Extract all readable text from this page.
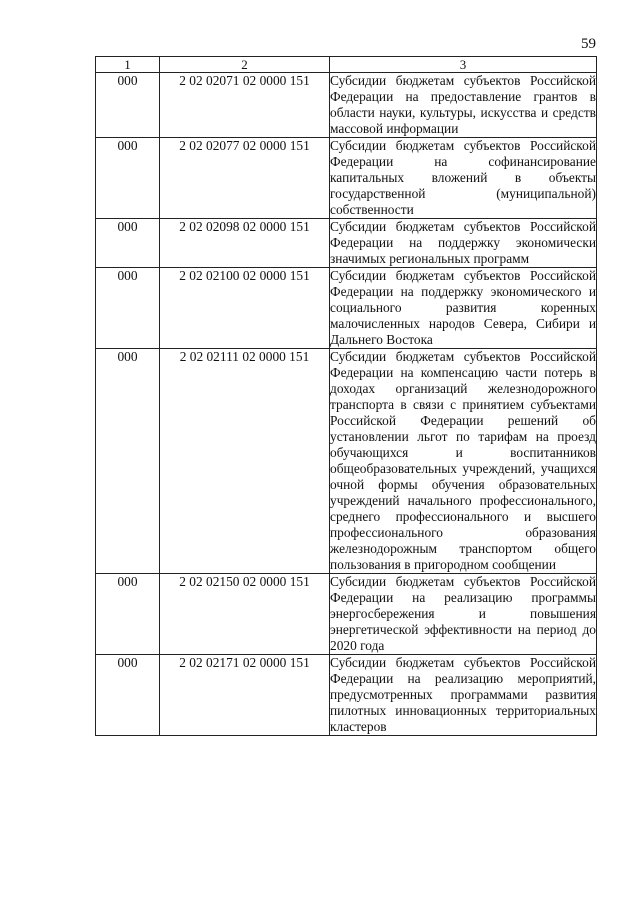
59
1	2	3
000	2 02 02071 02 0000 151	Субсидии бюджетам субъектов Российской Федерации на предоставление грантов в области науки, культуры, искусства и средств массовой информации
000	2 02 02077 02 0000 151	Субсидии бюджетам субъектов Российской Федерации на софинансирование капитальных вложений в объекты государственной (муниципальной) собственности
000	2 02 02098 02 0000 151	Субсидии бюджетам субъектов Российской Федерации на поддержку экономически значимых региональных программ
000	2 02 02100 02 0000 151	Субсидии бюджетам субъектов Российской Федерации на поддержку экономического и социального развития коренных малочисленных народов Севера, Сибири и Дальнего Востока
000	2 02 02111 02 0000 151	Субсидии бюджетам субъектов Российской Федерации на компенсацию части потерь в доходах организаций железнодорожного транспорта в связи с принятием субъектами Российской Федерации решений об установлении льгот по тарифам на проезд обучающихся и воспитанников общеобразовательных учреждений, учащихся очной формы обучения образовательных учреждений начального профессионального, среднего профессионального и высшего профессионального образования железнодорожным транспортом общего пользования в пригородном сообщении
000	2 02 02150 02 0000 151	Субсидии бюджетам субъектов Российской Федерации на реализацию программы энергосбережения и повышения энергетической эффективности на период до 2020 года
000	2 02 02171 02 0000 151	Субсидии бюджетам субъектов Российской Федерации на реализацию мероприятий, предусмотренных программами развития пилотных инновационных территориальных кластеров
